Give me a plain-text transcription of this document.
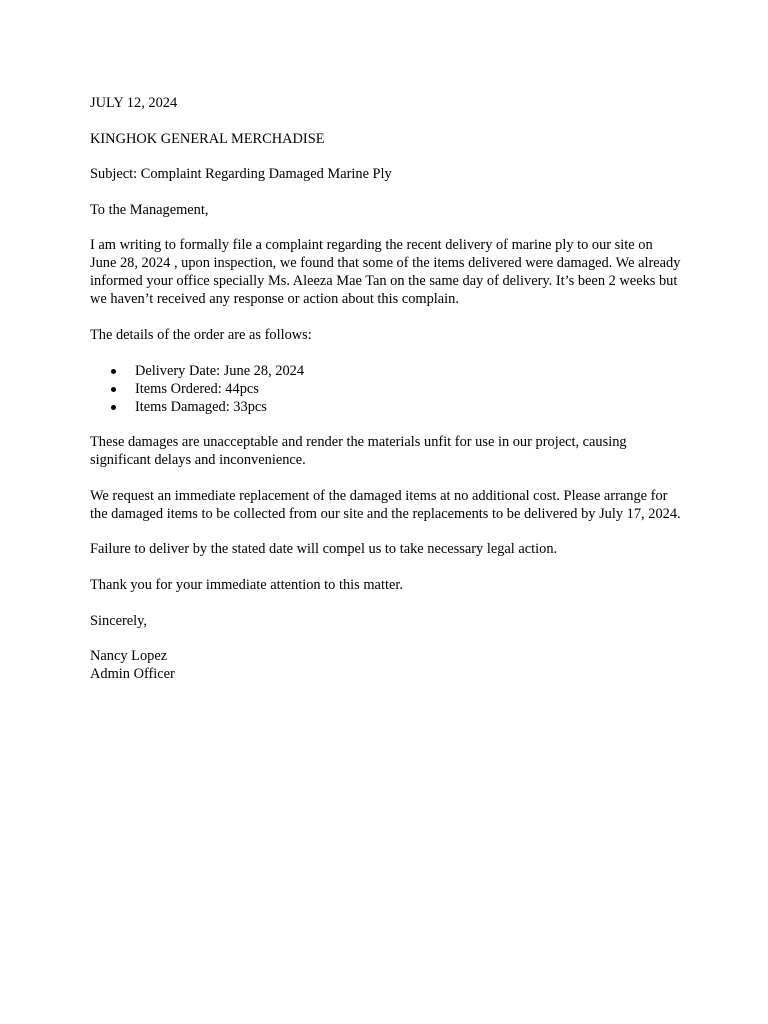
JULY 12, 2024

KINGHOK GENERAL MERCHADISE

Subject: Complaint Regarding Damaged Marine Ply

To the Management,

I am writing to formally file a complaint regarding the recent delivery of marine ply to our site on June 28, 2024 , upon inspection, we found that some of the items delivered were damaged. We already informed your office specially Ms. Aleeza Mae Tan on the same day of delivery. It’s been 2 weeks but we haven’t received any response or action about this complain.

The details of the order are as follows:

Delivery Date: June 28, 2024
Items Ordered: 44pcs
Items Damaged: 33pcs

These damages are unacceptable and render the materials unfit for use in our project, causing significant delays and inconvenience.

We request an immediate replacement of the damaged items at no additional cost. Please arrange for the damaged items to be collected from our site and the replacements to be delivered by July 17, 2024.

Failure to deliver by the stated date will compel us to take necessary legal action.

Thank you for your immediate attention to this matter.

Sincerely,

Nancy Lopez

Admin Officer
